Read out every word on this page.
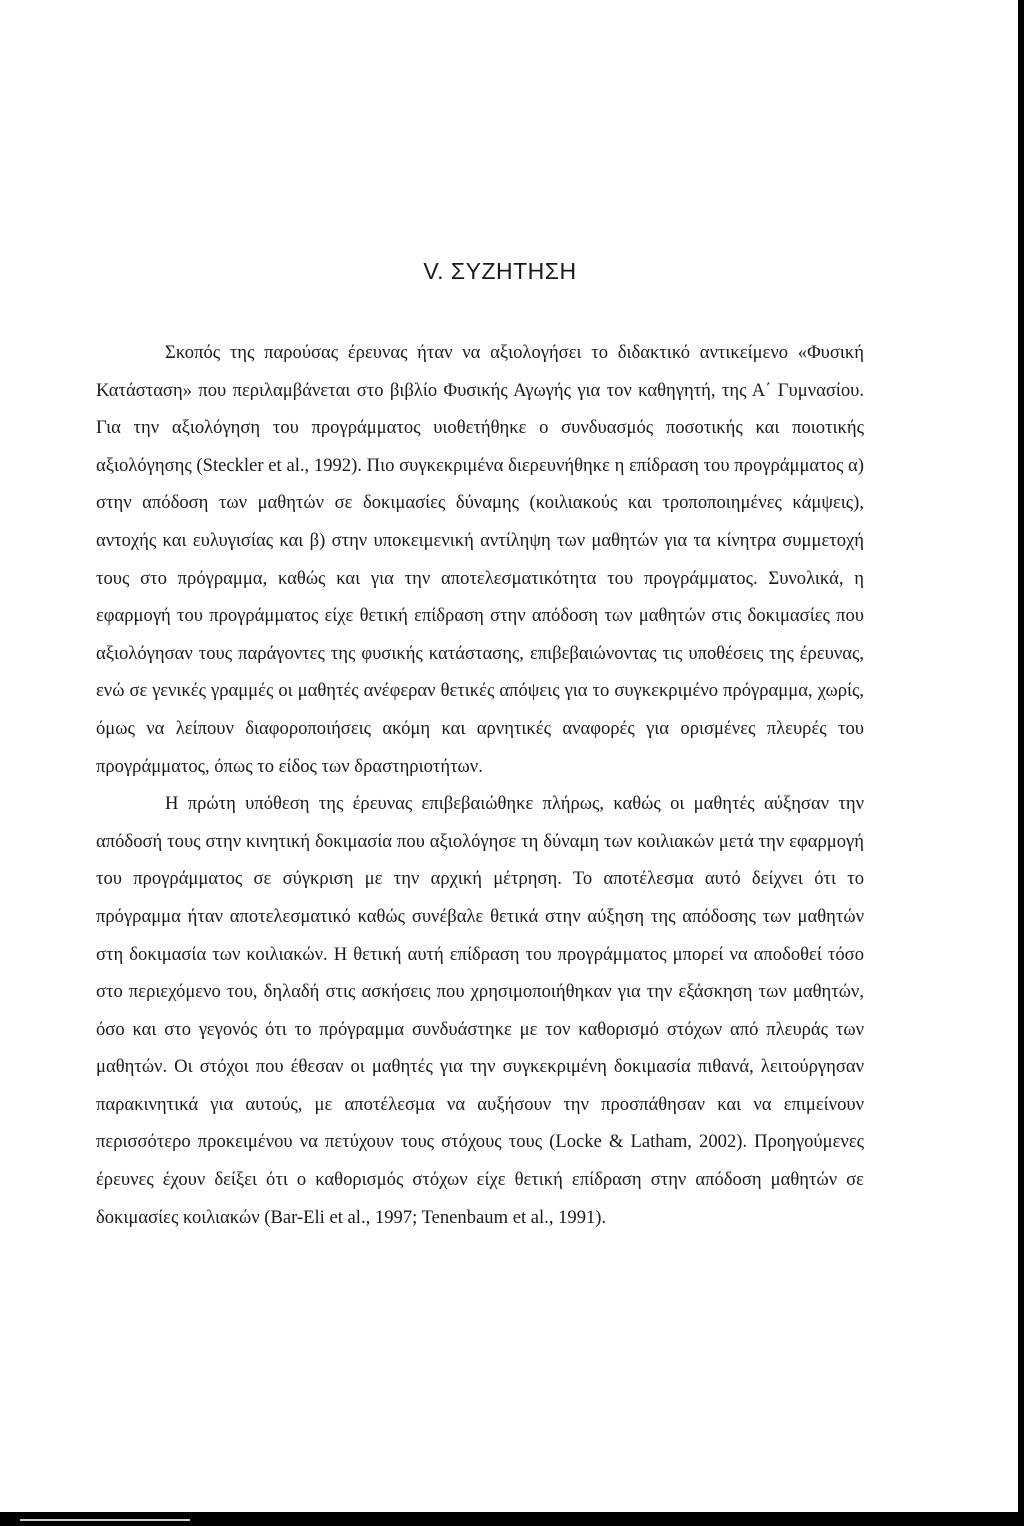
V. ΣΥΖΗΤΗΣΗ

Σκοπός της παρούσας έρευνας ήταν να αξιολογήσει το διδακτικό αντικείμενο «Φυσική Κατάσταση» που περιλαμβάνεται στο βιβλίο Φυσικής Αγωγής για τον καθηγητή, της Α΄ Γυμνασίου. Για την αξιολόγηση του προγράμματος υιοθετήθηκε ο συνδυασμός ποσοτικής και ποιοτικής αξιολόγησης (Steckler et al., 1992). Πιο συγκεκριμένα διερευνήθηκε η επίδραση του προγράμματος α) στην απόδοση των μαθητών σε δοκιμασίες δύναμης (κοιλιακούς και τροποποιημένες κάμψεις), αντοχής και ευλυγισίας και β) στην υποκειμενική αντίληψη των μαθητών για τα κίνητρα συμμετοχή τους στο πρόγραμμα, καθώς και για την αποτελεσματικότητα του προγράμματος. Συνολικά, η εφαρμογή του προγράμματος είχε θετική επίδραση στην απόδοση των μαθητών στις δοκιμασίες που αξιολόγησαν τους παράγοντες της φυσικής κατάστασης, επιβεβαιώνοντας τις υποθέσεις της έρευνας, ενώ σε γενικές γραμμές οι μαθητές ανέφεραν θετικές απόψεις για το συγκεκριμένο πρόγραμμα, χωρίς, όμως να λείπουν διαφοροποιήσεις ακόμη και αρνητικές αναφορές για ορισμένες πλευρές του προγράμματος, όπως το είδος των δραστηριοτήτων.

Η πρώτη υπόθεση της έρευνας επιβεβαιώθηκε πλήρως, καθώς οι μαθητές αύξησαν την απόδοσή τους στην κινητική δοκιμασία που αξιολόγησε τη δύναμη των κοιλιακών μετά την εφαρμογή του προγράμματος σε σύγκριση με την αρχική μέτρηση. Το αποτέλεσμα αυτό δείχνει ότι το πρόγραμμα ήταν αποτελεσματικό καθώς συνέβαλε θετικά στην αύξηση της απόδοσης των μαθητών στη δοκιμασία των κοιλιακών. Η θετική αυτή επίδραση του προγράμματος μπορεί να αποδοθεί τόσο στο περιεχόμενο του, δηλαδή στις ασκήσεις που χρησιμοποιήθηκαν για την εξάσκηση των μαθητών, όσο και στο γεγονός ότι το πρόγραμμα συνδυάστηκε με τον καθορισμό στόχων από πλευράς των μαθητών. Οι στόχοι που έθεσαν οι μαθητές για την συγκεκριμένη δοκιμασία πιθανά, λειτούργησαν παρακινητικά για αυτούς, με αποτέλεσμα να αυξήσουν την προσπάθησαν και να επιμείνουν περισσότερο προκειμένου να πετύχουν τους στόχους τους (Locke & Latham, 2002). Προηγούμενες έρευνες έχουν δείξει ότι ο καθορισμός στόχων είχε θετική επίδραση στην απόδοση μαθητών σε δοκιμασίες κοιλιακών (Bar-Eli et al., 1997; Tenenbaum et al., 1991).
